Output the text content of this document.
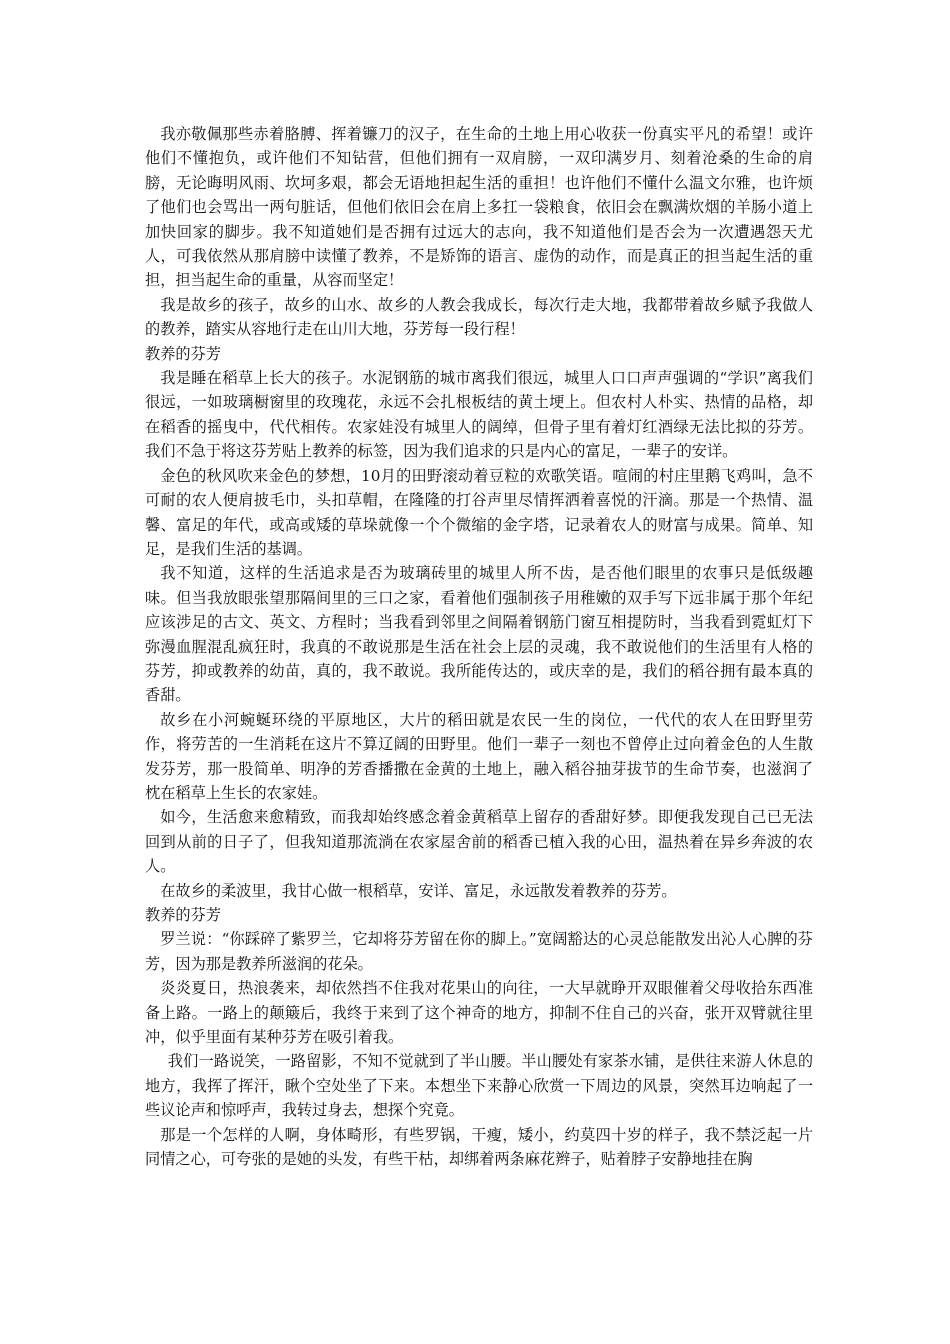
我亦敬佩那些赤着胳膊、挥着镰刀的汉子，在生命的土地上用心收获一份真实平凡的希望！或许他们不懂抱负，或许他们不知钻营，但他们拥有一双肩膀，一双印满岁月、刻着沧桑的生命的肩膀，无论晦明风雨、坎坷多艰，都会无语地担起生活的重担！也许他们不懂什么温文尔雅，也许烦了他们也会骂出一两句脏话，但他们依旧会在肩上多扛一袋粮食，依旧会在飘满炊烟的羊肠小道上加快回家的脚步。我不知道她们是否拥有过远大的志向，我不知道他们是否会为一次遭遇怨天尤人，可我依然从那肩膀中读懂了教养，不是矫饰的语言、虚伪的动作，而是真正的担当起生活的重担，担当起生命的重量，从容而坚定！

我是故乡的孩子，故乡的山水、故乡的人教会我成长，每次行走大地，我都带着故乡赋予我做人的教养，踏实从容地行走在山川大地，芬芳每一段行程！

教养的芬芳

我是睡在稻草上长大的孩子。水泥钢筋的城市离我们很远，城里人口口声声强调的“学识”离我们很远，一如玻璃橱窗里的玫瑰花，永远不会扎根板结的黄土埂上。但农村人朴实、热情的品格，却在稻香的摇曳中，代代相传。农家娃没有城里人的阔绰，但骨子里有着灯红酒绿无法比拟的芬芳。我们不急于将这芬芳贴上教养的标签，因为我们追求的只是内心的富足，一辈子的安详。

金色的秋风吹来金色的梦想，10月的田野滚动着豆粒的欢歌笑语。喧闹的村庄里鹅飞鸡叫，急不可耐的农人便肩披毛巾，头扣草帽，在隆隆的打谷声里尽情挥洒着喜悦的汗滴。那是一个热情、温馨、富足的年代，或高或矮的草垛就像一个个微缩的金字塔，记录着农人的财富与成果。简单、知足，是我们生活的基调。

我不知道，这样的生活追求是否为玻璃砖里的城里人所不齿，是否他们眼里的农事只是低级趣味。但当我放眼张望那隔间里的三口之家，看着他们强制孩子用稚嫩的双手写下远非属于那个年纪应该涉足的古文、英文、方程时；当我看到邻里之间隔着钢筋门窗互相提防时，当我看到霓虹灯下弥漫血腥混乱疯狂时，我真的不敢说那是生活在社会上层的灵魂，我不敢说他们的生活里有人格的芬芳，抑或教养的幼苗，真的，我不敢说。我所能传达的，或庆幸的是，我们的稻谷拥有最本真的香甜。

故乡在小河蜿蜒环绕的平原地区，大片的稻田就是农民一生的岗位，一代代的农人在田野里劳作，将劳苦的一生消耗在这片不算辽阔的田野里。他们一辈子一刻也不曾停止过向着金色的人生散发芬芳，那一股简单、明净的芳香播撒在金黄的土地上，融入稻谷抽芽拔节的生命节奏，也滋润了枕在稻草上生长的农家娃。

如今，生活愈来愈精致，而我却始终感念着金黄稻草上留存的香甜好梦。即便我发现自己已无法回到从前的日子了，但我知道那流淌在农家屋舍前的稻香已植入我的心田，温热着在异乡奔波的农人。

在故乡的柔波里，我甘心做一根稻草，安详、富足，永远散发着教养的芬芳。

教养的芬芳

罗兰说：“你踩碎了紫罗兰，它却将芬芳留在你的脚上。”宽阔豁达的心灵总能散发出沁人心脾的芬芳，因为那是教养所滋润的花朵。

炎炎夏日，热浪袭来，却依然挡不住我对花果山的向往，一大早就睁开双眼催着父母收拾东西准备上路。一路上的颠簸后，我终于来到了这个神奇的地方，抑制不住自己的兴奋，张开双臂就往里冲，似乎里面有某种芬芳在吸引着我。

我们一路说笑，一路留影，不知不觉就到了半山腰。半山腰处有家茶水铺，是供往来游人休息的地方，我挥了挥汗，瞅个空处坐了下来。本想坐下来静心欣赏一下周边的风景，突然耳边响起了一些议论声和惊呼声，我转过身去，想探个究竟。

那是一个怎样的人啊，身体畸形，有些罗锅，干瘦，矮小，约莫四十岁的样子，我不禁泛起一片同情之心，可夸张的是她的头发，有些干枯，却绑着两条麻花辫子，贴着脖子安静地挂在胸
